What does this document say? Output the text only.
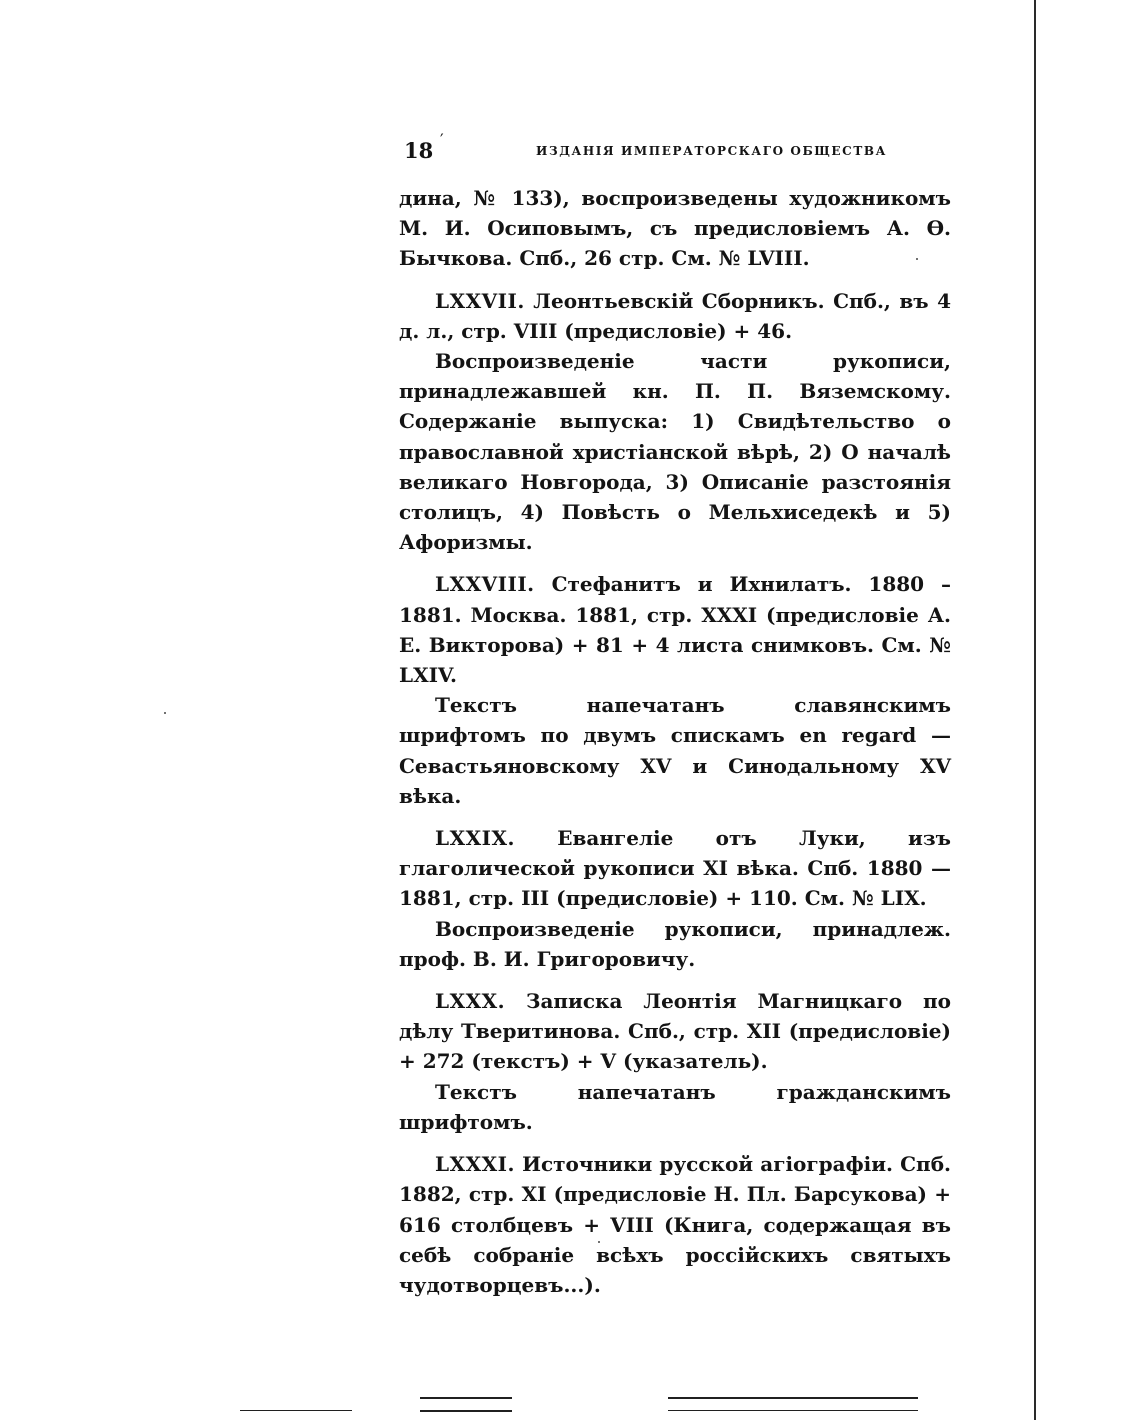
18 ′
ИЗДАНІЯ ИМПЕРАТОРСКАГО ОБЩЕСТВА

дина, № 133), воспроизведены художникомъ М. И. Осиповымъ, съ предисловіемъ А. Ѳ. Бычкова. Спб., 26 стр. См. № LVIII.

LXXVII. Леонтьевскій Сборникъ. Спб., въ 4 д. л., стр. VIII (предисловіе) + 46.

Воспроизведеніе части рукописи, принадлежавшей кн. П. П. Вяземскому. Содержаніе выпуска: 1) Свидѣтельство о православной христіанской вѣрѣ, 2) О началѣ великаго Новгорода, 3) Описаніе разстоянія столицъ, 4) Повѣсть о Мельхиседекѣ и 5) Афоризмы.

LXXVIII. Стефанитъ и Ихнилатъ. 1880 – 1881. Москва. 1881, стр. XXXI (предисловіе А. Е. Викторова) + 81 + 4 листа снимковъ. См. № LXIV.

Текстъ напечатанъ славянскимъ шрифтомъ по двумъ спискамъ en regard — Севастьяновскому XV и Синодальному XV вѣка.

LXXIX. Евангеліе отъ Луки, изъ глаголической рукописи XI вѣка. Спб. 1880 — 1881, стр. III (предисловіе) + 110. См. № LIX.

Воспроизведеніе рукописи, принадлеж. проф. В. И. Григоровичу.

LXXX. Записка Леонтія Магницкаго по дѣлу Тверитинова. Спб., стр. XII (предисловіе) + 272 (текстъ) + V (указатель).

Текстъ напечатанъ гражданскимъ шрифтомъ.

LXXXI. Источники русской агіографіи. Спб. 1882, стр. XI (предисловіе Н. Пл. Барсукова) + 616 столбцевъ + VIII (Книга, содержащая въ себѣ собраніе всѣхъ россійскихъ святыхъ чудотворцевъ...).
